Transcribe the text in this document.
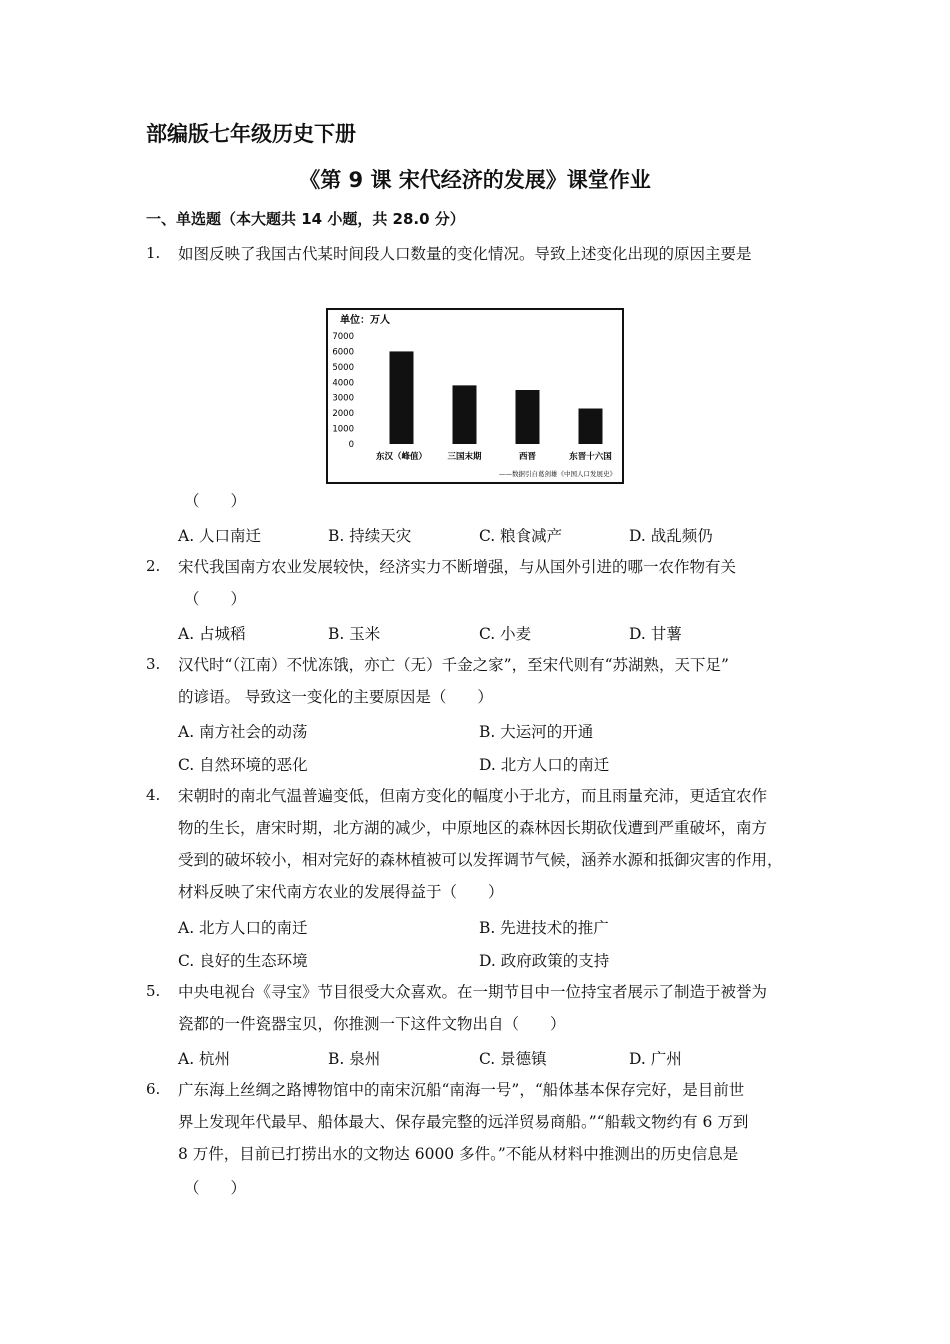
部编版七年级历史下册
《第 9 课 宋代经济的发展》课堂作业
一、单选题（本大题共 14 小题，共 28.0 分）
1. 如图反映了我国古代某时间段人口数量的变化情况。导致上述变化出现的原因主要是
单位：万人
0
1000
2000
3000
4000
5000
6000
7000
东汉（峰值） 三国末期	西晋	东晋十六国
——数据引自葛剑雄《中国人口发展史》
（　　）
A. 人口南迁	B. 持续天灾	C. 粮食减产	D. 战乱频仍
2. 宋代我国南方农业发展较快，经济实力不断增强，与从国外引进的哪一农作物有关
（　　）
A. 占城稻	B. 玉米	C. 小麦	D. 甘薯
3. 汉代时“（江南）不忧冻饿，亦亡（无）千金之家”，至宋代则有“苏湖熟，天下足”
的谚语。 导致这一变化的主要原因是（　　）
A. 南方社会的动荡	B. 大运河的开通
C. 自然环境的恶化	D. 北方人口的南迁
4. 宋朝时的南北气温普遍变低，但南方变化的幅度小于北方，而且雨量充沛，更适宜农作
物的生长，唐宋时期，北方湖的减少，中原地区的森林因长期砍伐遭到严重破坏，南方
受到的破坏较小，相对完好的森林植被可以发挥调节气候，涵养水源和抵御灾害的作用，
材料反映了宋代南方农业的发展得益于（　　）
A. 北方人口的南迁	B. 先进技术的推广
C. 良好的生态环境	D. 政府政策的支持
5. 中央电视台《寻宝》节目很受大众喜欢。在一期节目中一位持宝者展示了制造于被誉为
瓷都的一件瓷器宝贝，你推测一下这件文物出自（　　）
A. 杭州	B. 泉州	C. 景德镇	D. 广州
6. 广东海上丝绸之路博物馆中的南宋沉船“南海一号”，“船体基本保存完好，是目前世
界上发现年代最早、船体最大、保存最完整的远洋贸易商船。”“船载文物约有 6 万到
8 万件，目前已打捞出水的文物达 6000 多件。”不能从材料中推测出的历史信息是
（　　）
